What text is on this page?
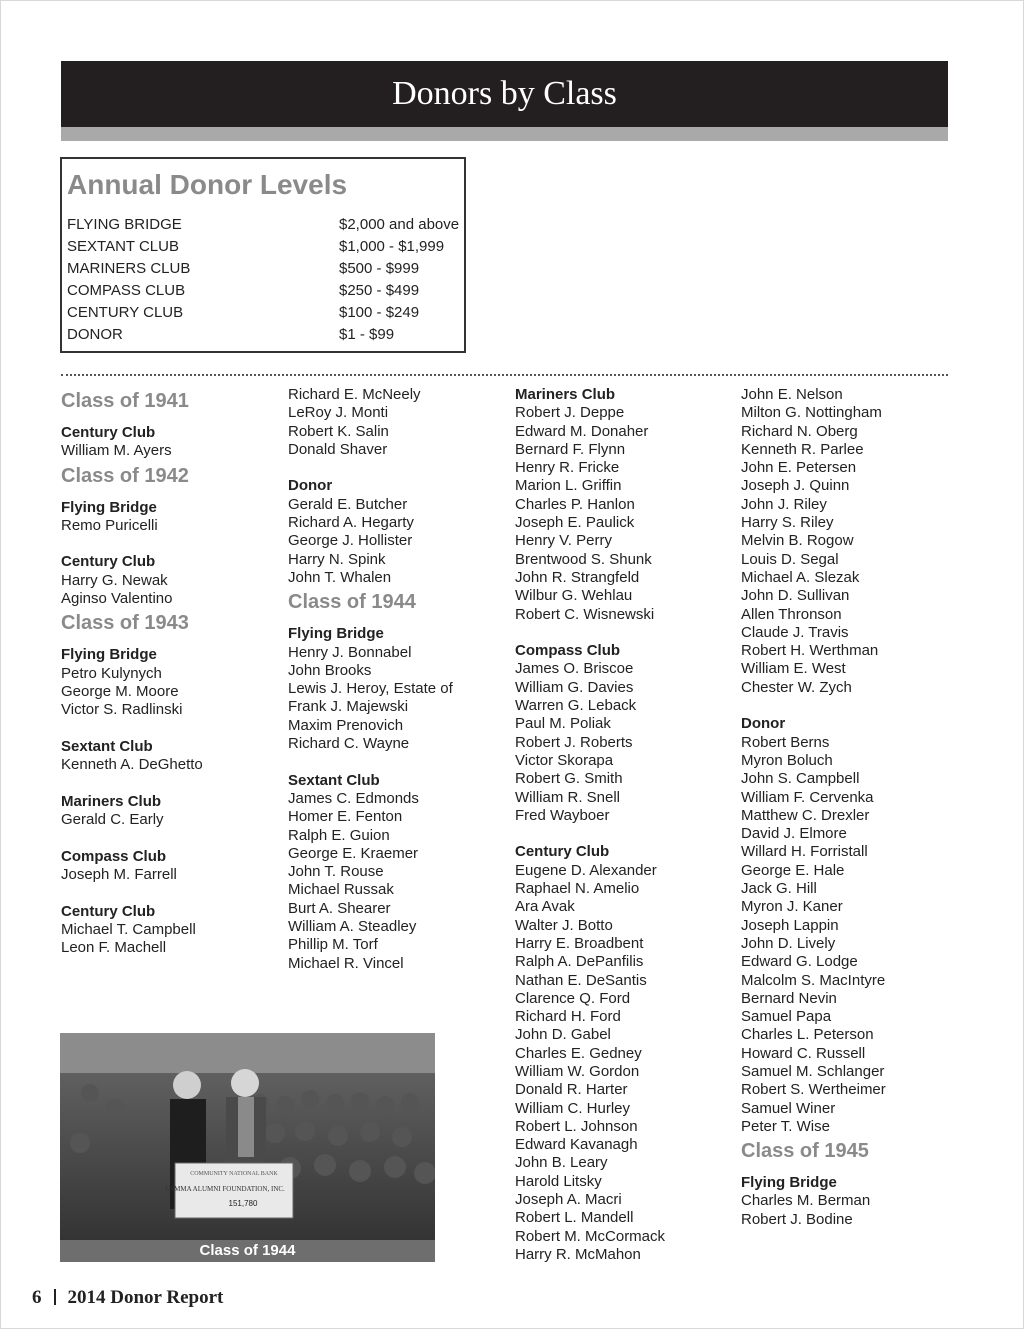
Donors by Class
Annual Donor Levels
FLYING BRIDGE	$2,000 and above
SEXTANT CLUB	$1,000 - $1,999
MARINERS CLUB	$500 - $999
COMPASS CLUB	$250 - $499
CENTURY CLUB	$100 - $249
DONOR	$1 - $99
Class of 1941
Century Club
William M. Ayers
Class of 1942
Flying Bridge
Remo Puricelli
Century Club
Harry G. Newak
Aginso Valentino
Class of 1943
Flying Bridge
Petro Kulynych
George M. Moore
Victor S. Radlinski
Sextant Club
Kenneth A. DeGhetto
Mariners Club
Gerald C. Early
Compass Club
Joseph M. Farrell
Century Club
Michael T. Campbell
Leon F. Machell
Richard E. McNeely
LeRoy J. Monti
Robert K. Salin
Donald Shaver
Donor
Gerald E. Butcher
Richard A. Hegarty
George J. Hollister
Harry N. Spink
John T. Whalen
Class of 1944
Flying Bridge
Henry J. Bonnabel
John Brooks
Lewis J. Heroy, Estate of
Frank J. Majewski
Maxim Prenovich
Richard C. Wayne
Sextant Club
James C. Edmonds
Homer E. Fenton
Ralph E. Guion
George E. Kraemer
John T. Rouse
Michael Russak
Burt A. Shearer
William A. Steadley
Phillip M. Torf
Michael R. Vincel
Mariners Club
Robert J. Deppe
Edward M. Donaher
Bernard F. Flynn
Henry R. Fricke
Marion L. Griffin
Charles P. Hanlon
Joseph E. Paulick
Henry V. Perry
Brentwood S. Shunk
John R. Strangfeld
Wilbur G. Wehlau
Robert C. Wisnewski
Compass Club
James O. Briscoe
William G. Davies
Warren G. Leback
Paul M. Poliak
Robert J. Roberts
Victor Skorapa
Robert G. Smith
William R. Snell
Fred Wayboer
Century Club
Eugene D. Alexander
Raphael N. Amelio
Ara Avak
Walter J. Botto
Harry E. Broadbent
Ralph A. DePanfilis
Nathan E. DeSantis
Clarence Q. Ford
Richard H. Ford
John D. Gabel
Charles E. Gedney
William W. Gordon
Donald R. Harter
William C. Hurley
Robert L. Johnson
Edward Kavanagh
John B. Leary
Harold Litsky
Joseph A. Macri
Robert L. Mandell
Robert M. McCormack
Harry R. McMahon
John E. Nelson
Milton G. Nottingham
Richard N. Oberg
Kenneth R. Parlee
John E. Petersen
Joseph J. Quinn
John J. Riley
Harry S. Riley
Melvin B. Rogow
Louis D. Segal
Michael A. Slezak
John D. Sullivan
Allen Thronson
Claude J. Travis
Robert H. Werthman
William E. West
Chester W. Zych
Donor
Robert Berns
Myron Boluch
John S. Campbell
William F. Cervenka
Matthew C. Drexler
David J. Elmore
Willard H. Forristall
George E. Hale
Jack G. Hill
Myron J. Kaner
Joseph Lappin
John D. Lively
Edward G. Lodge
Malcolm S. MacIntyre
Bernard Nevin
Samuel Papa
Charles L. Peterson
Howard C. Russell
Samuel M. Schlanger
Robert S. Wertheimer
Samuel Winer
Peter T. Wise
Class of 1945
Flying Bridge
Charles M. Berman
Robert J. Bodine
COMMUNITY NATIONAL BANK
USMMA ALUMNI FOUNDATION, INC.
151,780
Class of 1944
6 2014 Donor Report
